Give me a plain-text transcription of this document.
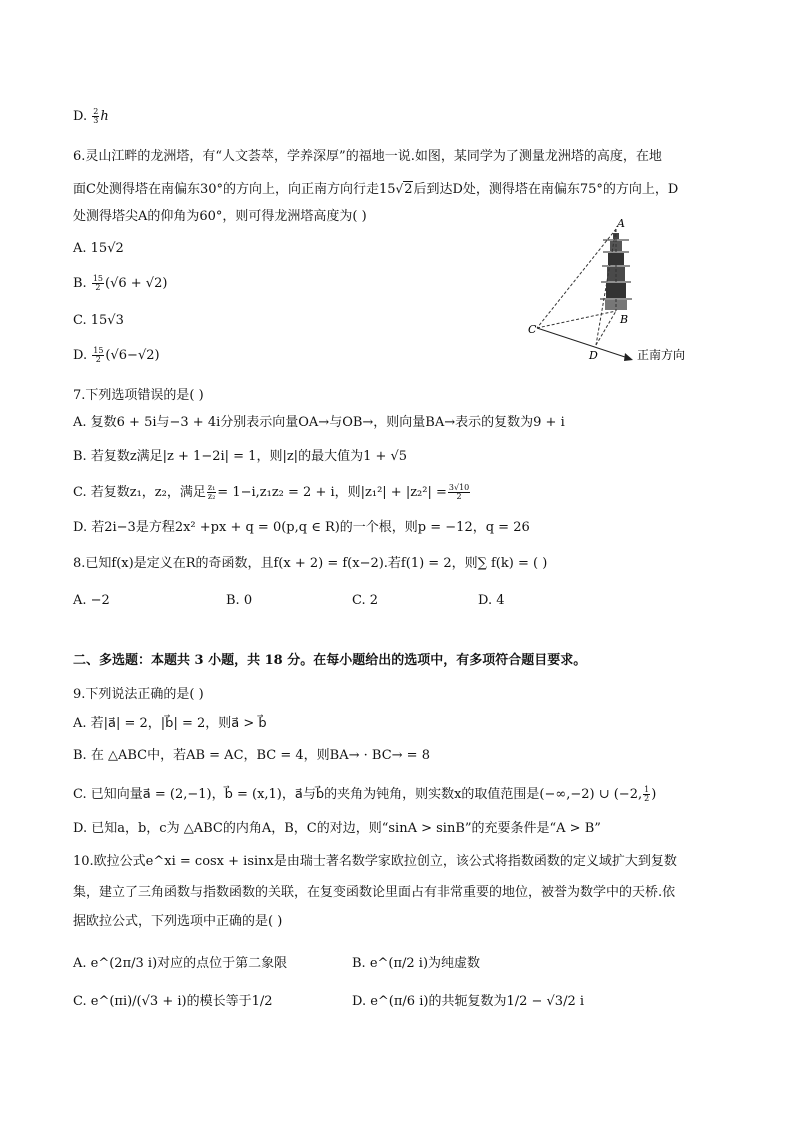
D. $\frac{2}{3}$ h
6.灵山江畔的龙洲塔，有“人文荟萃，学养深厚”的福地一说.如图，某同学为了测量龙洲塔的高度，在地
面C处测得塔在南偏东30°的方向上，向正南方向行走15√2后到达D处，测得塔在南偏东75°的方向上，D
处测得塔尖A的仰角为60°，则可得龙洲塔高度为( )
A. 15√2
B. $\frac{15}{2} (√6 + √2)$
C. 15√3
D. $\frac{15}{2} (√6-√2)$
A
B
C
D	正南方向
7.下列选项错误的是( )
A. 复数6 + 5i与−3 + 4i分别表示向量OA→与OB→，则向量BA→表示的复数为9 + i
B. 若复数z满足|z + 1−2i| = 1，则|z|的最大值为1 + √5
C. 若复数z₁，z₂，满足 $\frac{\text{z₁}}{\text{z₂}} = 1-i,z_1z_2 = 2 + i$，则$|z_1^2| + |z_2^2| = \frac{3√10}{2}$
D. 若2i−3是方程2x² +px + q = 0(p,q ∈ R)的一个根，则p = −12，q = 26
8.已知f(x)是定义在R的奇函数，且f(x + 2) = f(x−2).若f(1) = 2，则∑ f(k) = ( )
A. −2	B. 0	C. 2	D. 4
二、多选题：本题共 3 小题，共 18 分。在每小题给出的选项中，有多项符合题目要求。
9.下列说法正确的是( )
A. 若|a⃗| = 2，|b⃗| = 2，则a⃗ > b⃗
B. 在 △ABC中，若AB = AC，BC = 4，则BA→ · BC→ = 8
C. 已知向量a⃗ = (2,−1)，b⃗ = (x,1)，a⃗与b⃗的夹角为钝角，则实数x的取值范围是(−∞,−2) ∪ (−2, $\frac{1}{2}$ )
D. 已知a，b，c为 △ABC的内角A，B，C的对边，则“sinA > sinB”的充要条件是“A > B”
10.欧拉公式e^xi = cosx + isinx是由瑞士著名数学家欧拉创立，该公式将指数函数的定义域扩大到复数
集，建立了三角函数与指数函数的关联，在复变函数论里面占有非常重要的地位，被誉为数学中的天桥.依
据欧拉公式，下列选项中正确的是( )
A. e^(2π/3 i)对应的点位于第二象限	B. e^(π/2 i)为纯虚数
C. e^(πi)/(√3 + i)的模长等于1/2	D. e^(π/6 i)的共轭复数为1/2 − √3/2 i
